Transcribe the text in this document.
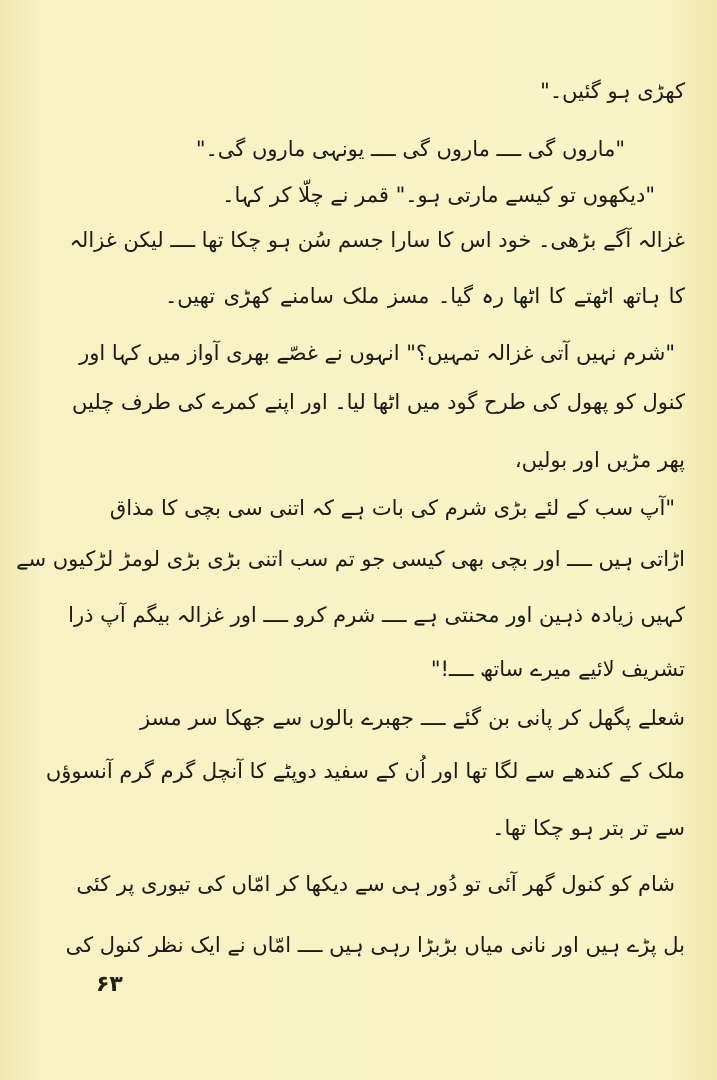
کھڑی ہو گئیں۔"
"ماروں گی ــــ ماروں گی ــــ یونہی ماروں گی۔"
"دیکھوں تو کیسے مارتی ہو۔" قمر نے چلّا کر کہا۔
غزالہ آگے بڑھی۔ خود اس کا سارا جسم سُن ہو چکا تھا ــــ لیکن غزالہ
کا ہاتھ اٹھتے کا اٹھا رہ گیا۔ مسز ملک سامنے کھڑی تھیں۔
"شرم نہیں آتی غزالہ تمہیں؟" انہوں نے غصّے بھری آواز میں کہا اور
کنول کو پھول کی طرح گود میں اٹھا لیا۔ اور اپنے کمرے کی طرف چلیں
پھر مڑیں اور بولیں،
"آپ سب کے لئے بڑی شرم کی بات ہے کہ اتنی سی بچی کا مذاق
اڑاتی ہیں ــــ اور بچی بھی کیسی جو تم سب اتنی بڑی بڑی لومڑ لڑکیوں سے
کہیں زیادہ ذہین اور محنتی ہے ــــ شرم کرو ــــ اور غزالہ بیگم آپ ذرا
تشریف لائیے میرے ساتھ ــــ!"
شعلے پگھل کر پانی بن گئے ــــ جھبرے بالوں سے جھکا سر مسز
ملک کے کندھے سے لگا تھا اور اُن کے سفید دوپٹے کا آنچل گرم گرم آنسوؤں
سے تر بتر ہو چکا تھا۔
شام کو کنول گھر آئی تو دُور ہی سے دیکھا کر امّاں کی تیوری پر کئی
بل پڑے ہیں اور نانی میاں بڑبڑا رہی ہیں ــــ امّاں نے ایک نظر کنول کی
۶۳
